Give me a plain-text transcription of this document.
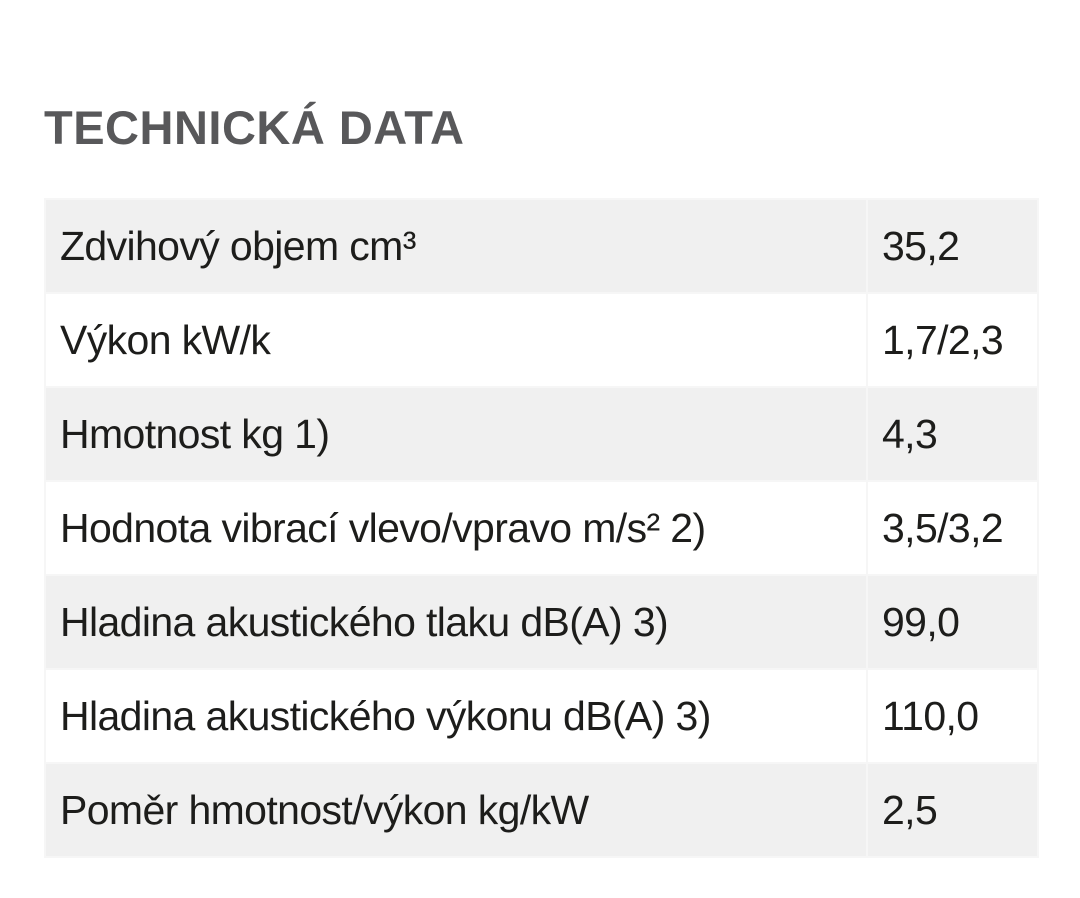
TECHNICKÁ DATA
Zdvihový objem cm³	35,2
Výkon kW/k	1,7/2,3
Hmotnost kg 1)	4,3
Hodnota vibrací vlevo/vpravo m/s² 2)	3,5/3,2
Hladina akustického tlaku dB(A) 3)	99,0
Hladina akustického výkonu dB(A) 3)	110,0
Poměr hmotnost/výkon kg/kW	2,5
